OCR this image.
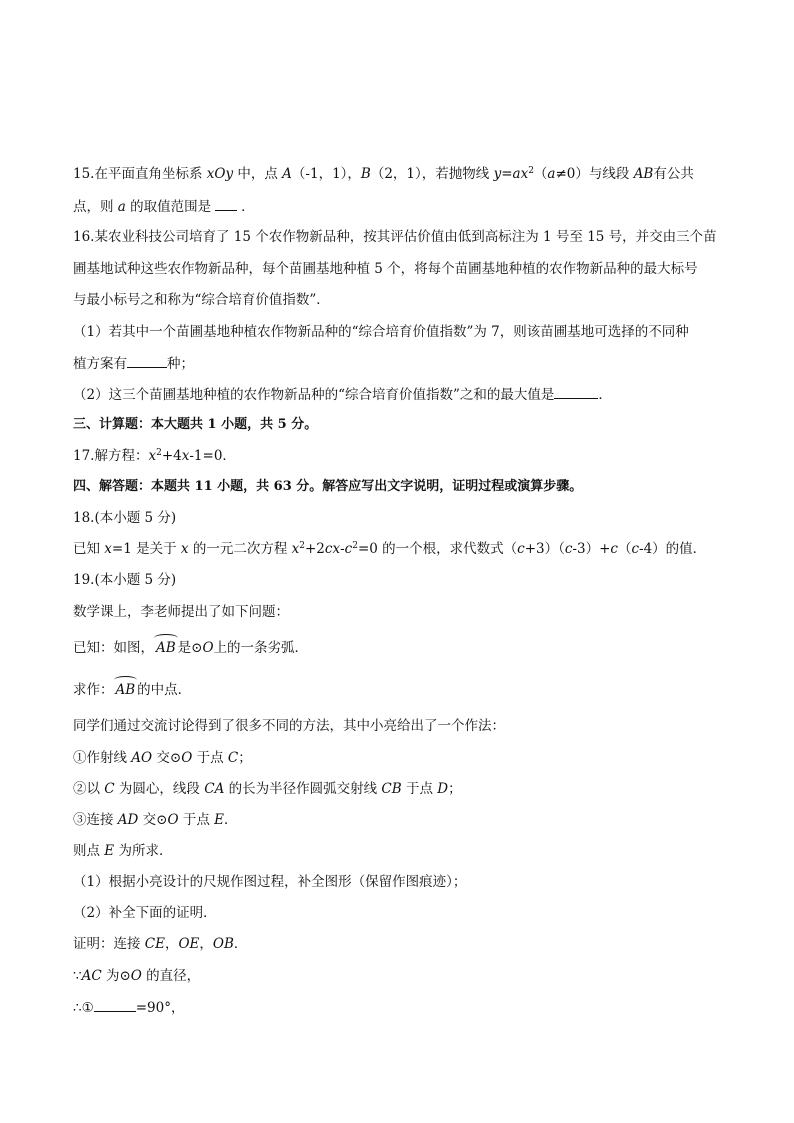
15.在平面直角坐标系 xOy 中，点 A（-1，1），B（2，1），若抛物线 $y=ax^2(a\ne 0)$与线段 AB有公共
点，则 a 的取值范围是 ．
16.某农业科技公司培育了 15 个农作物新品种，按其评估价值由低到高标注为 1 号至 15 号，并交由三个苗
圃基地试种这些农作物新品种，每个苗圃基地种植 5 个，将每个苗圃基地种植的农作物新品种的最大标号
与最小标号之和称为“综合培育价值指数”．
（1）若其中一个苗圃基地种植农作物新品种的“综合培育价值指数”为 7，则该苗圃基地可选择的不同种
植方案有	种；
（2）这三个苗圃基地种植的农作物新品种的“综合培育价值指数”之和的最大值是	．
三、计算题：本大题共 1 小题，共 5 分。
17.解方程：$x^2+4x-1=0$．
四、解答题：本题共 11 小题，共 63 分。解答应写出文字说明，证明过程或演算步骤。
18.(本小题 5 分)
已知 x=1 是关于 x 的一元二次方程 $x^2+2cx-c^2=0$ 的一个根，求代数式（c+3）（c-3）+c（c-4）的值．
19.(本小题 5 分)
数学课上，李老师提出了如下问题：
已知：如图， AB 是⊙O上的一条劣弧．
求作： AB 的中点．
同学们通过交流讨论得到了很多不同的方法，其中小亮给出了一个作法：
①作射线 AO 交⊙O 于点 C；
②以 C 为圆心，线段 CA 的长为半径作圆弧交射线 CB 于点 D；
③连接 AD 交⊙O 于点 E．
则点 E 为所求．
（1）根据小亮设计的尺规作图过程，补全图形（保留作图痕迹）；
（2）补全下面的证明．
证明：连接 CE，OE，OB．
∵AC 为⊙O 的直径，
∴①	=90°，
